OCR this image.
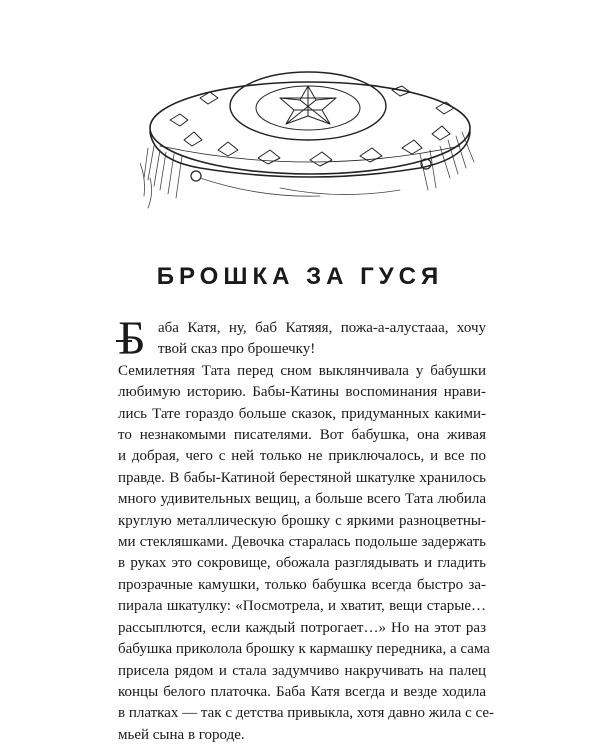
БРОШКА ЗА ГУСЯ
Б аба Катя, ну, баб Катяяя, пожа-а-алустааа, хочу
твой сказ про брошечку!
Семилетняя Тата перед сном выклянчивала у бабушки
любимую историю. Бабы-Катины воспоминания нрави-
лись Тате гораздо больше сказок, придуманных какими-
то незнакомыми писателями. Вот бабушка, она живая
и добрая, чего с ней только не приключалось, и все по
правде. В бабы-Катиной берестяной шкатулке хранилось
много удивительных вещиц, а больше всего Тата любила
круглую металлическую брошку с яркими разноцветны-
ми стекляшками. Девочка старалась подольше задержать
в руках это сокровище, обожала разглядывать и гладить
прозрачные камушки, только бабушка всегда быстро за-
пирала шкатулку: «Посмотрела, и хватит, вещи старые…
рассыплются, если каждый потрогает…» Но на этот раз
бабушка приколола брошку к кармашку передника, а сама
присела рядом и стала задумчиво накручивать на палец
концы белого платочка. Баба Катя всегда и везде ходила
в платках — так с детства привыкла, хотя давно жила с се-
мьей сына в городе.
